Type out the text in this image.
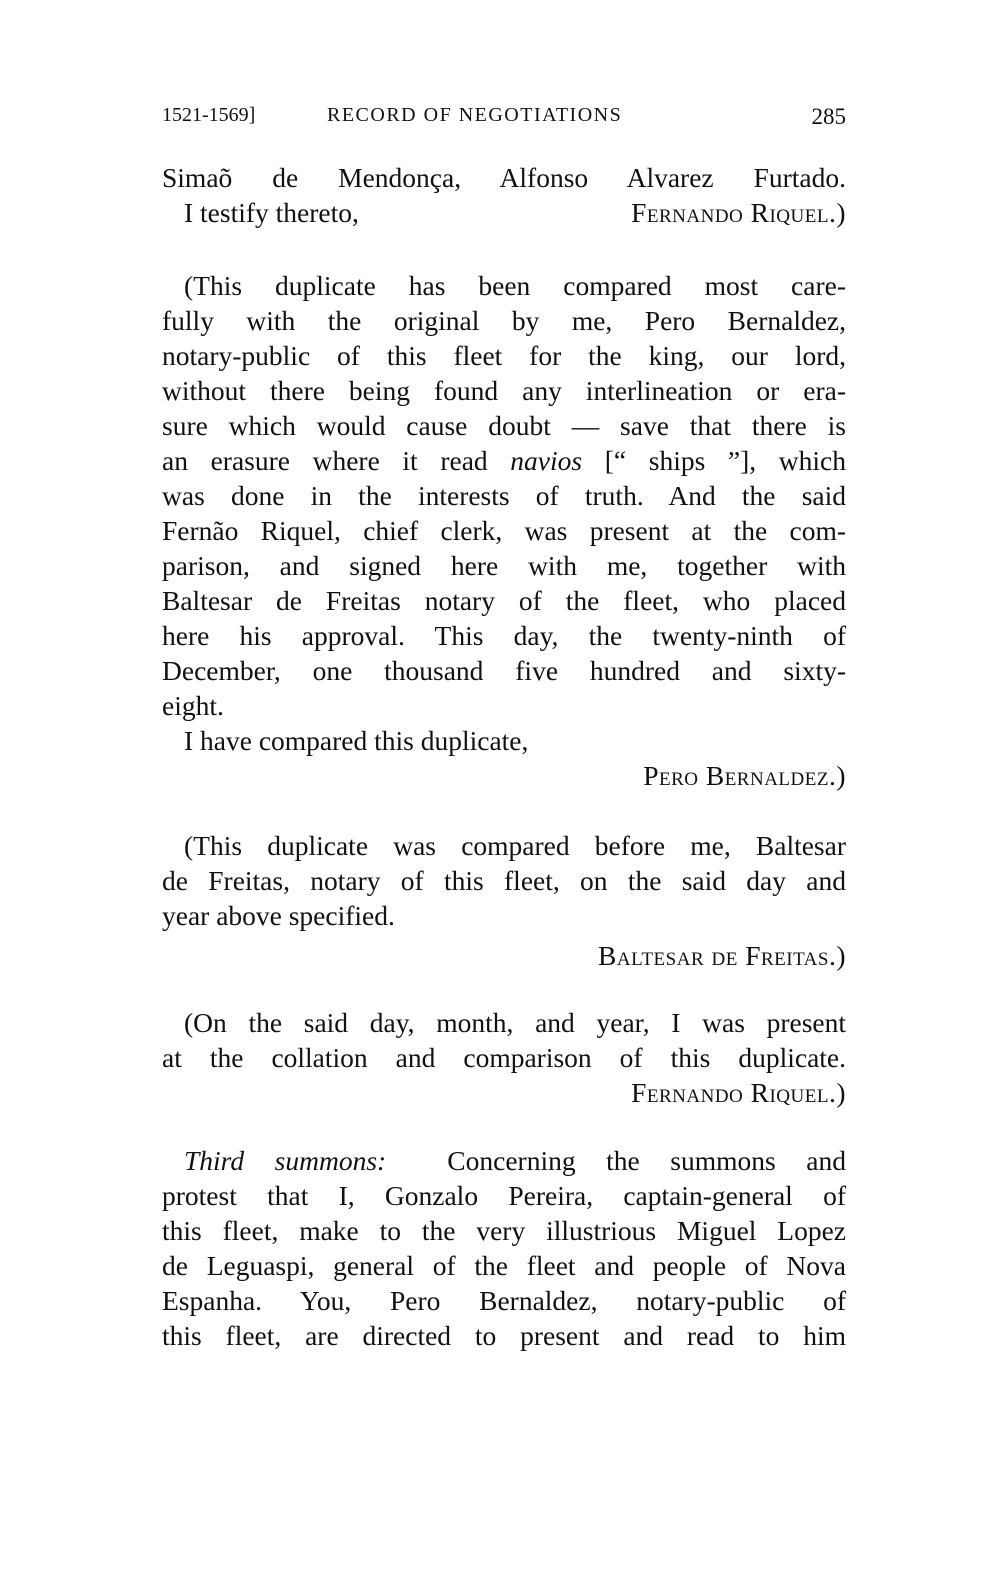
1521-1569]	RECORD OF NEGOTIATIONS	285
Simaõ de Mendonça, Alfonso Alvarez Furtado.
I testify thereto,	Fernando Riquel.)
(This duplicate has been compared most care-
fully with the original by me, Pero Bernaldez,
notary-public of this fleet for the king, our lord,
without there being found any interlineation or era-
sure which would cause doubt — save that there is
an erasure where it read navios [“ ships ”], which
was done in the interests of truth. And the said
Fernão Riquel, chief clerk, was present at the com-
parison, and signed here with me, together with
Baltesar de Freitas notary of the fleet, who placed
here his approval. This day, the twenty-ninth of
December, one thousand five hundred and sixty-
eight.
I have compared this duplicate,
Pero Bernaldez.)
(This duplicate was compared before me, Baltesar
de Freitas, notary of this fleet, on the said day and
year above specified.
Baltesar de Freitas.)
(On the said day, month, and year, I was present
at the collation and comparison of this duplicate.
Fernando Riquel.)
Third summons:  Concerning the summons and
protest that I, Gonzalo Pereira, captain-general of
this fleet, make to the very illustrious Miguel Lopez
de Leguaspi, general of the fleet and people of Nova
Espanha. You, Pero Bernaldez, notary-public of
this fleet, are directed to present and read to him
